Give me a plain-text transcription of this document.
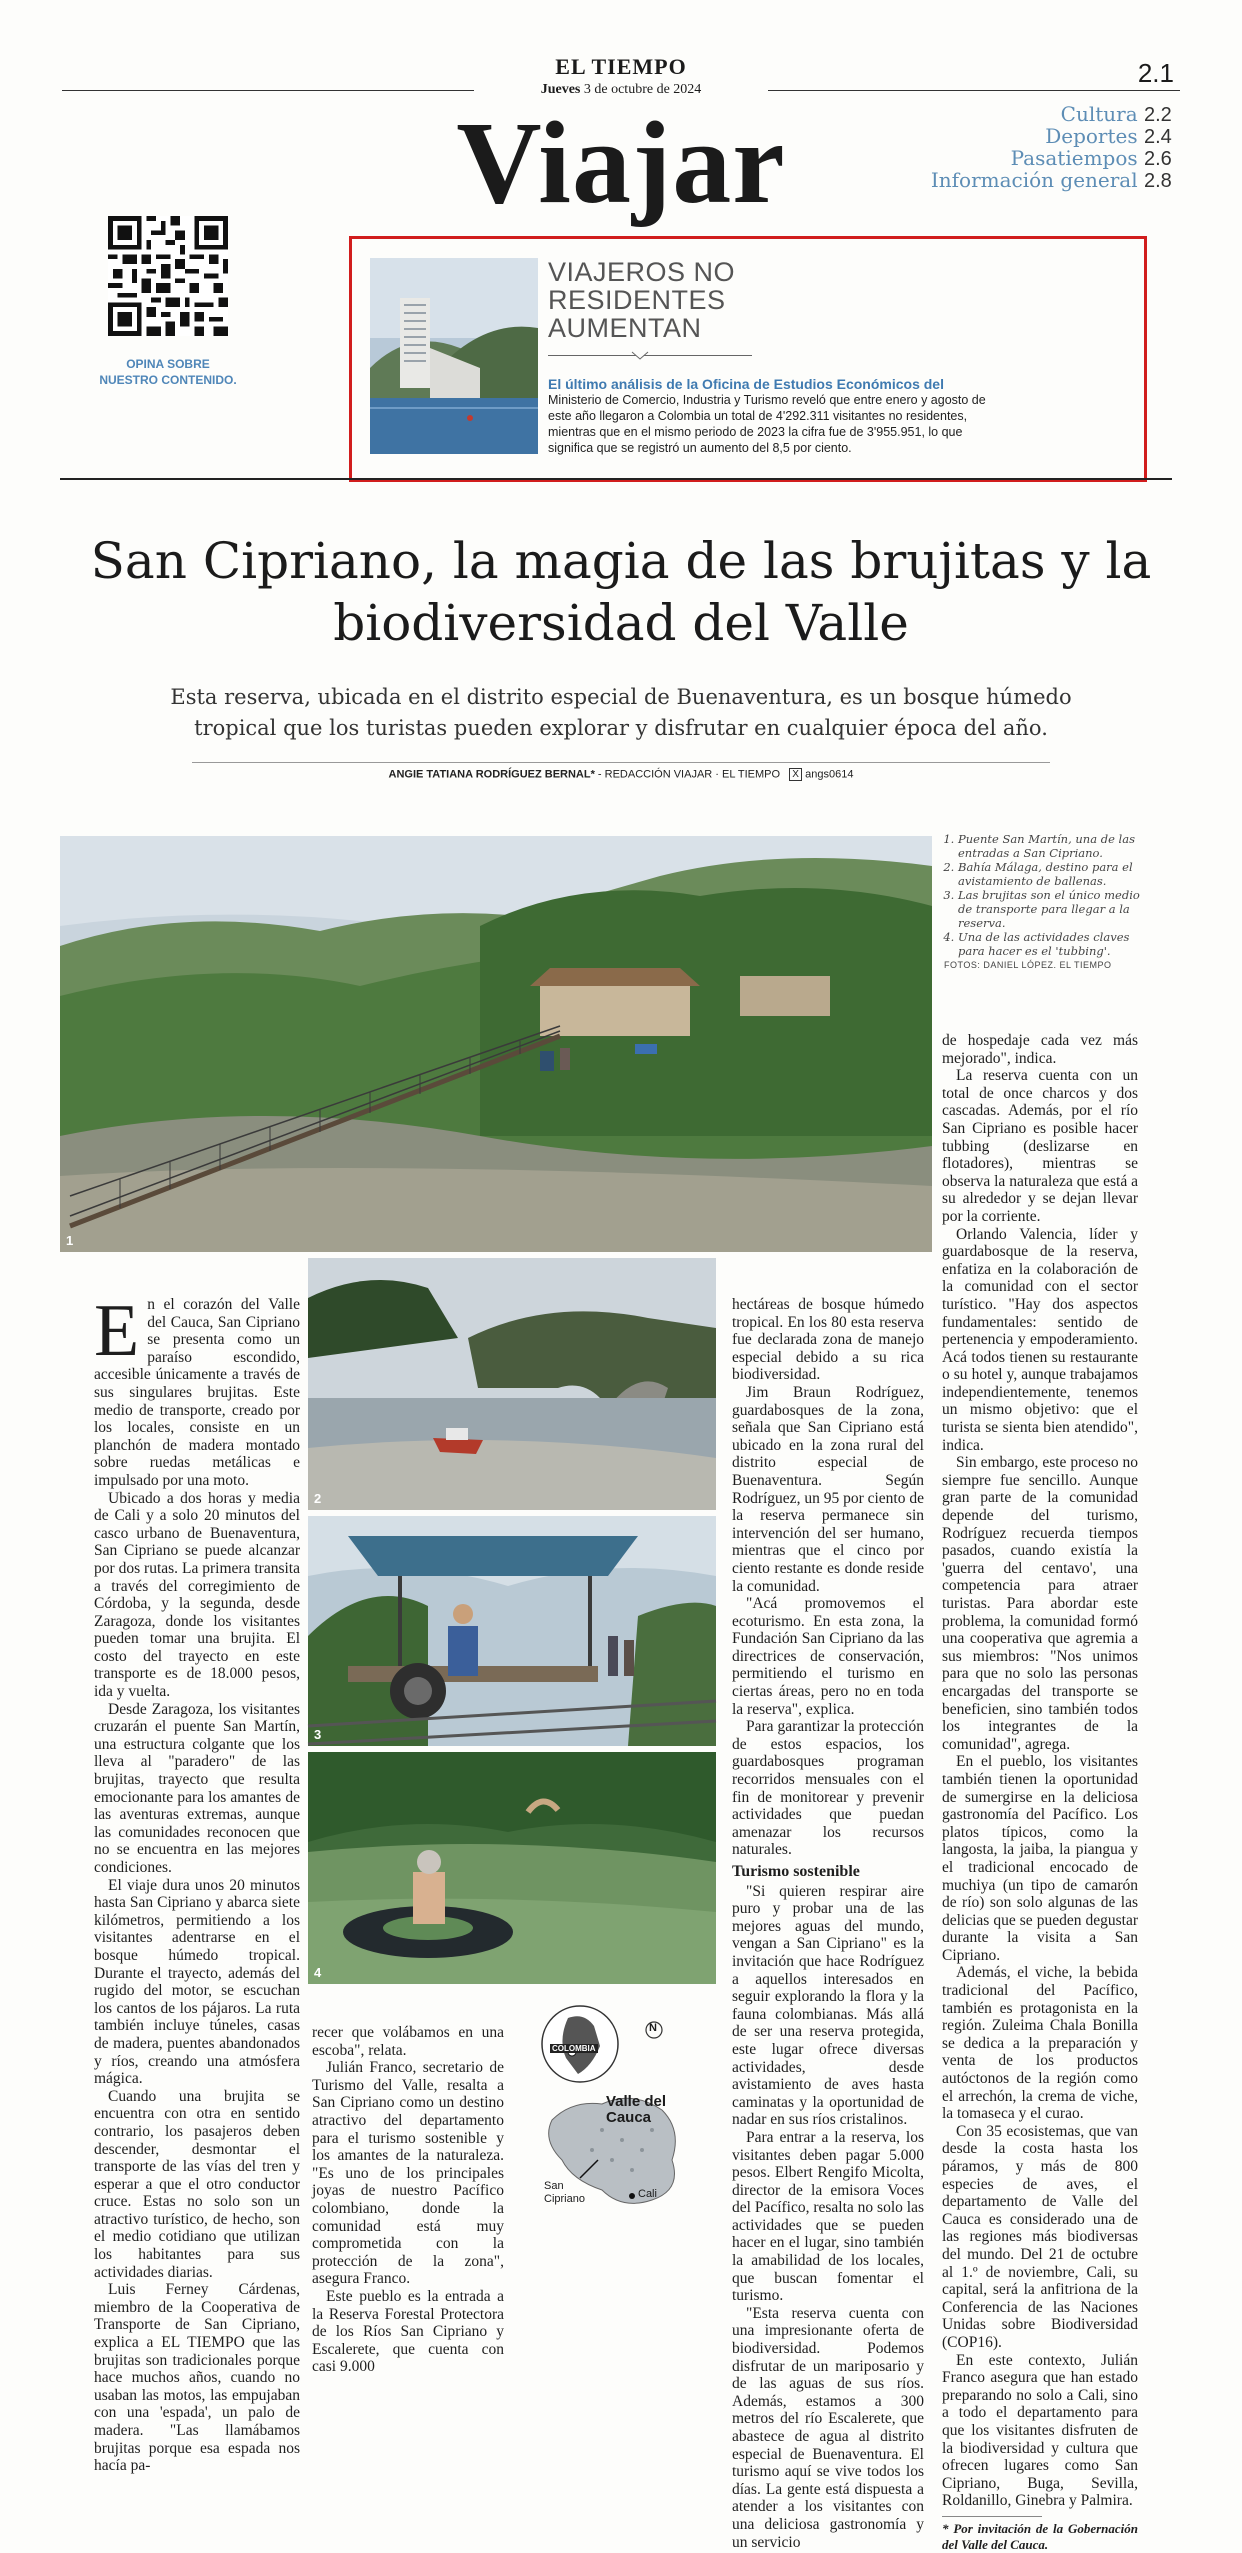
EL TIEMPO
Jueves 3 de octubre de 2024
2.1
Viajar	Cultura 2.2
Deportes 2.4
Pasatiempos 2.6
Información general 2.8
OPINA SOBRE NUESTRO CONTENIDO.
VIAJEROS NO RESIDENTES AUMENTAN
El último análisis de la Oficina de Estudios Económicos del
Ministerio de Comercio, Industria y Turismo reveló que entre enero y agosto de este año llegaron a Colombia un total de 4'292.311 visitantes no residentes, mientras que en el mismo periodo de 2023 la cifra fue de 3'955.951, lo que significa que se registró un aumento del 8,5 por ciento.
San Cipriano, la magia de las brujitas y la biodiversidad del Valle
Esta reserva, ubicada en el distrito especial de Buenaventura, es un bosque húmedo tropical que los turistas pueden explorar y disfrutar en cualquier época del año.
ANGIE TATIANA RODRÍGUEZ BERNAL* - REDACCIÓN VIAJAR · EL TIEMPO X angs0614
1
1. Puente San Martín, una de las entradas a San Cipriano.
2. Bahía Málaga, destino para el avistamiento de ballenas.
3. Las brujitas son el único medio de transporte para llegar a la reserva.
4. Una de las actividades claves para hacer es el 'tubbing'.
FOTOS: DANIEL LÓPEZ. EL TIEMPO
2
3
4

En el corazón del Valle del Cauca, San Cipriano se presenta como un paraíso escondido, accesible únicamente a través de sus singulares brujitas. Este medio de transporte, creado por los locales, consiste en un planchón de madera montado sobre ruedas metálicas e impulsado por una moto.

Ubicado a dos horas y media de Cali y a solo 20 minutos del casco urbano de Buenaventura, San Cipriano se puede alcanzar por dos rutas. La primera transita a través del corregimiento de Córdoba, y la segunda, desde Zaragoza, donde los visitantes pueden tomar una brujita. El costo del trayecto en este transporte es de 18.000 pesos, ida y vuelta.

Desde Zaragoza, los visitantes cruzarán el puente San Martín, una estructura colgante que los lleva al "paradero" de las brujitas, trayecto que resulta emocionante para los amantes de las aventuras extremas, aunque las comunidades reconocen que no se encuentra en las mejores condiciones.

El viaje dura unos 20 minutos hasta San Cipriano y abarca siete kilómetros, permitiendo a los visitantes adentrarse en el bosque húmedo tropical. Durante el trayecto, además del rugido del motor, se escuchan los cantos de los pájaros. La ruta también incluye túneles, casas de madera, puentes abandonados y ríos, creando una atmósfera mágica.

Cuando una brujita se encuentra con otra en sentido contrario, los pasajeros deben descender, desmontar el transporte de las vías del tren y esperar a que el otro conductor cruce. Estas no solo son un atractivo turístico, de hecho, son el medio cotidiano que utilizan los habitantes para sus actividades diarias.

Luis Ferney Cárdenas, miembro de la Cooperativa de Transporte de San Cipriano, explica a EL TIEMPO que las brujitas son tradicionales porque hace muchos años, cuando no usaban las motos, las empujaban con una 'espada', un palo de madera. "Las llamábamos brujitas porque esa espada nos hacía pa-

recer que volábamos en una escoba", relata.

Julián Franco, secretario de Turismo del Valle, resalta a San Cipriano como un destino atractivo del departamento para el turismo sostenible y los amantes de la naturaleza. "Es uno de los principales joyas de nuestro Pacífico colombiano, donde la comunidad está muy comprometida con la protección de la zona", asegura Franco.

Este pueblo es la entrada a la Reserva Forestal Protectora de los Ríos San Cipriano y Escalerete, que cuenta con casi 9.000

COLOMBIA
N
Valle del Cauca
San Cipriano	Cali

hectáreas de bosque húmedo tropical. En los 80 esta reserva fue declarada zona de manejo especial debido a su rica biodiversidad.

Jim Braun Rodríguez, guardabosques de la zona, señala que San Cipriano está ubicado en la zona rural del distrito especial de Buenaventura. Según Rodríguez, un 95 por ciento de la reserva permanece sin intervención del ser humano, mientras que el cinco por ciento restante es donde reside la comunidad.

"Acá promovemos el ecoturismo. En esta zona, la Fundación San Cipriano da las directrices de conservación, permitiendo el turismo en ciertas áreas, pero no en toda la reserva", explica.

Para garantizar la protección de estos espacios, los guardabosques programan recorridos mensuales con el fin de monitorear y prevenir actividades que puedan amenazar los recursos naturales.

Turismo sostenible

"Si quieren respirar aire puro y probar una de las mejores aguas del mundo, vengan a San Cipriano" es la invitación que hace Rodríguez a aquellos interesados en seguir explorando la flora y la fauna colombianas. Más allá de ser una reserva protegida, este lugar ofrece diversas actividades, desde avistamiento de aves hasta caminatas y la oportunidad de nadar en sus ríos cristalinos.

Para entrar a la reserva, los visitantes deben pagar 5.000 pesos. Elbert Rengifo Micolta, director de la emisora Voces del Pacífico, resalta no solo las actividades que se pueden hacer en el lugar, sino también la amabilidad de los locales, que buscan fomentar el turismo.

"Esta reserva cuenta con una impresionante oferta de biodiversidad. Podemos disfrutar de un mariposario y de las aguas de sus ríos. Además, estamos a 300 metros del río Escalerete, que abastece de agua al distrito especial de Buenaventura. El turismo aquí se vive todos los días. La gente está dispuesta a atender a los visitantes con una deliciosa gastronomía y un servicio

de hospedaje cada vez más mejorado", indica.

La reserva cuenta con un total de once charcos y dos cascadas. Además, por el río San Cipriano es posible hacer tubbing (deslizarse en flotadores), mientras se observa la naturaleza que está a su alrededor y se dejan llevar por la corriente.

Orlando Valencia, líder y guardabosque de la reserva, enfatiza en la colaboración de la comunidad con el sector turístico. "Hay dos aspectos fundamentales: sentido de pertenencia y empoderamiento. Acá todos tienen su restaurante o su hotel y, aunque trabajamos independientemente, tenemos un mismo objetivo: que el turista se sienta bien atendido", indica.

Sin embargo, este proceso no siempre fue sencillo. Aunque gran parte de la comunidad depende del turismo, Rodríguez recuerda tiempos pasados, cuando existía la 'guerra del centavo', una competencia para atraer turistas. Para abordar este problema, la comunidad formó una cooperativa que agremia a sus miembros: "Nos unimos para que no solo las personas encargadas del transporte se beneficien, sino también todos los integrantes de la comunidad", agrega.

En el pueblo, los visitantes también tienen la oportunidad de sumergirse en la deliciosa gastronomía del Pacífico. Los platos típicos, como la langosta, la jaiba, la piangua y el tradicional encocado de muchiya (un tipo de camarón de río) son solo algunas de las delicias que se pueden degustar durante la visita a San Cipriano.

Además, el viche, la bebida tradicional del Pacífico, también es protagonista en la región. Zuleima Chala Bonilla se dedica a la preparación y venta de los productos autóctonos de la región como el arrechón, la crema de viche, la tomaseca y el curao.

Con 35 ecosistemas, que van desde la costa hasta los páramos, y más de 800 especies de aves, el departamento de Valle del Cauca es considerado una de las regiones más biodiversas del mundo. Del 21 de octubre al 1.º de noviembre, Cali, su capital, será la anfitriona de la Conferencia de las Naciones Unidas sobre Biodiversidad (COP16).

En este contexto, Julián Franco asegura que han estado preparando no solo a Cali, sino a todo el departamento para que los visitantes disfruten de la biodiversidad y cultura que ofrecen lugares como San Cipriano, Buga, Sevilla, Roldanillo, Ginebra y Palmira.

* Por invitación de la Gobernación del Valle del Cauca.
